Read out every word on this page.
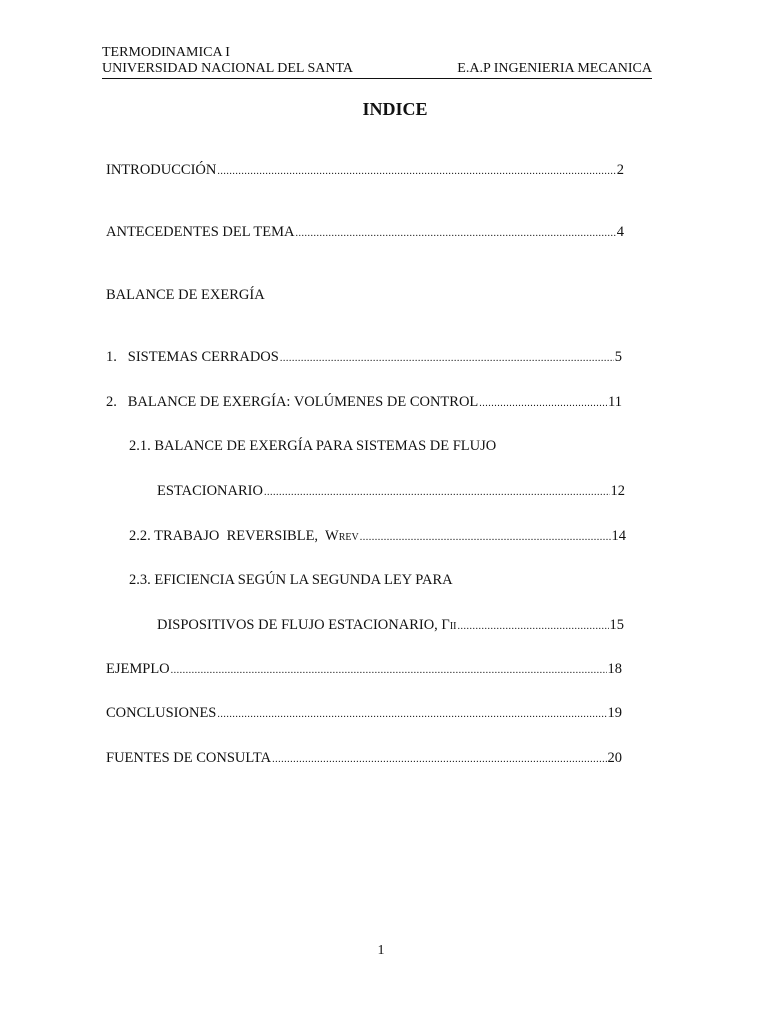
TERMODINAMICA I
UNIVERSIDAD NACIONAL DEL SANTA	E.A.P INGENIERIA MECANICA
INDICE
INTRODUCCIÓN .....	2
ANTECEDENTES DEL TEMA .....	4
BALANCE DE EXERGÍA
1.   SISTEMAS CERRADOS .....	5
2.   BALANCE DE EXERGÍA: VOLÚMENES DE CONTROL .....	11
2.1. BALANCE DE EXERGÍA PARA SISTEMAS DE FLUJO
ESTACIONARIO .....	12
2.2. TRABAJO  REVERSIBLE,  WREV .....	14
2.3. EFICIENCIA SEGÚN LA SEGUNDA LEY PARA
DISPOSITIVOS DE FLUJO ESTACIONARIO, ΓII .....	15
EJEMPLO .....	18
CONCLUSIONES .....	19
FUENTES DE CONSULTA .....	20
1
